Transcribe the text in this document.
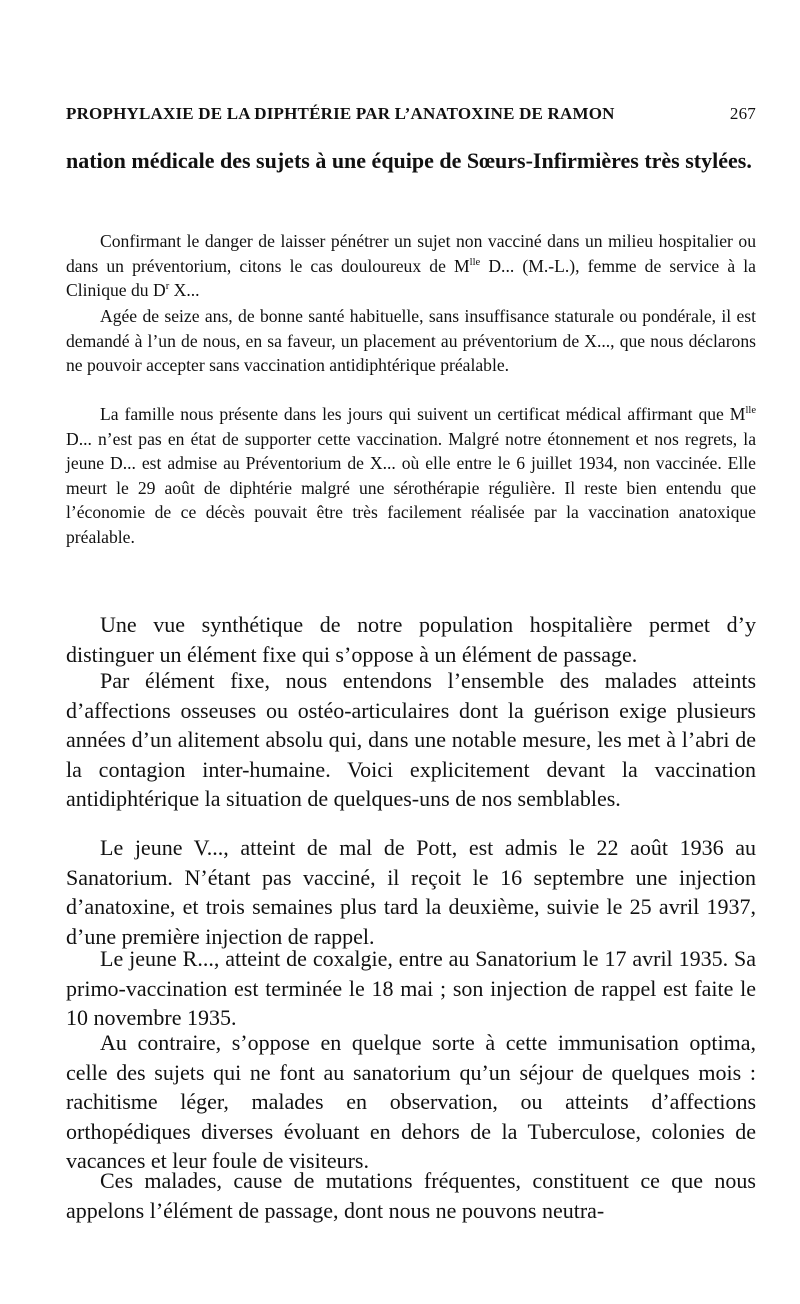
PROPHYLAXIE DE LA DIPHTÉRIE PAR L’ANATOXINE DE RAMON	267

nation médicale des sujets à une équipe de Sœurs-Infirmières très stylées.

Confirmant le danger de laisser pénétrer un sujet non vacciné dans un milieu hospitalier ou dans un préventorium, citons le cas douloureux de $M^{lle}$ D... (M.-L.), femme de service à la Clinique du $D^r$ X...

Agée de seize ans, de bonne santé habituelle, sans insuffisance staturale ou pondérale, il est demandé à l’un de nous, en sa faveur, un placement au préventorium de X..., que nous déclarons ne pouvoir accepter sans vaccination antidiphtérique préalable.

La famille nous présente dans les jours qui suivent un certificat médical affirmant que $M^{lle}$ D... n’est pas en état de supporter cette vaccination. Malgré notre étonnement et nos regrets, la jeune D... est admise au Préventorium de X... où elle entre le 6 juillet 1934, non vaccinée. Elle meurt le 29 août de diphtérie malgré une sérothérapie régulière. Il reste bien entendu que l’économie de ce décès pouvait être très facilement réalisée par la vaccination anatoxique préalable.

Une vue synthétique de notre population hospitalière permet d’y distinguer un élément fixe qui s’oppose à un élément de passage.

Par élément fixe, nous entendons l’ensemble des malades atteints d’affections osseuses ou ostéo-articulaires dont la guérison exige plusieurs années d’un alitement absolu qui, dans une notable mesure, les met à l’abri de la contagion inter-humaine. Voici explicitement devant la vaccination antidiphtérique la situation de quelques-uns de nos semblables.

Le jeune V..., atteint de mal de Pott, est admis le 22 août 1936 au Sanatorium. N’étant pas vacciné, il reçoit le 16 septembre une injection d’anatoxine, et trois semaines plus tard la deuxième, suivie le 25 avril 1937, d’une première injection de rappel.

Le jeune R..., atteint de coxalgie, entre au Sanatorium le 17 avril 1935. Sa primo-vaccination est terminée le 18 mai ; son injection de rappel est faite le 10 novembre 1935.

Au contraire, s’oppose en quelque sorte à cette immunisation optima, celle des sujets qui ne font au sanatorium qu’un séjour de quelques mois : rachitisme léger, malades en observation, ou atteints d’affections orthopédiques diverses évoluant en dehors de la Tuberculose, colonies de vacances et leur foule de visiteurs.

Ces malades, cause de mutations fréquentes, constituent ce que nous appelons l’élément de passage, dont nous ne pouvons neutra-
